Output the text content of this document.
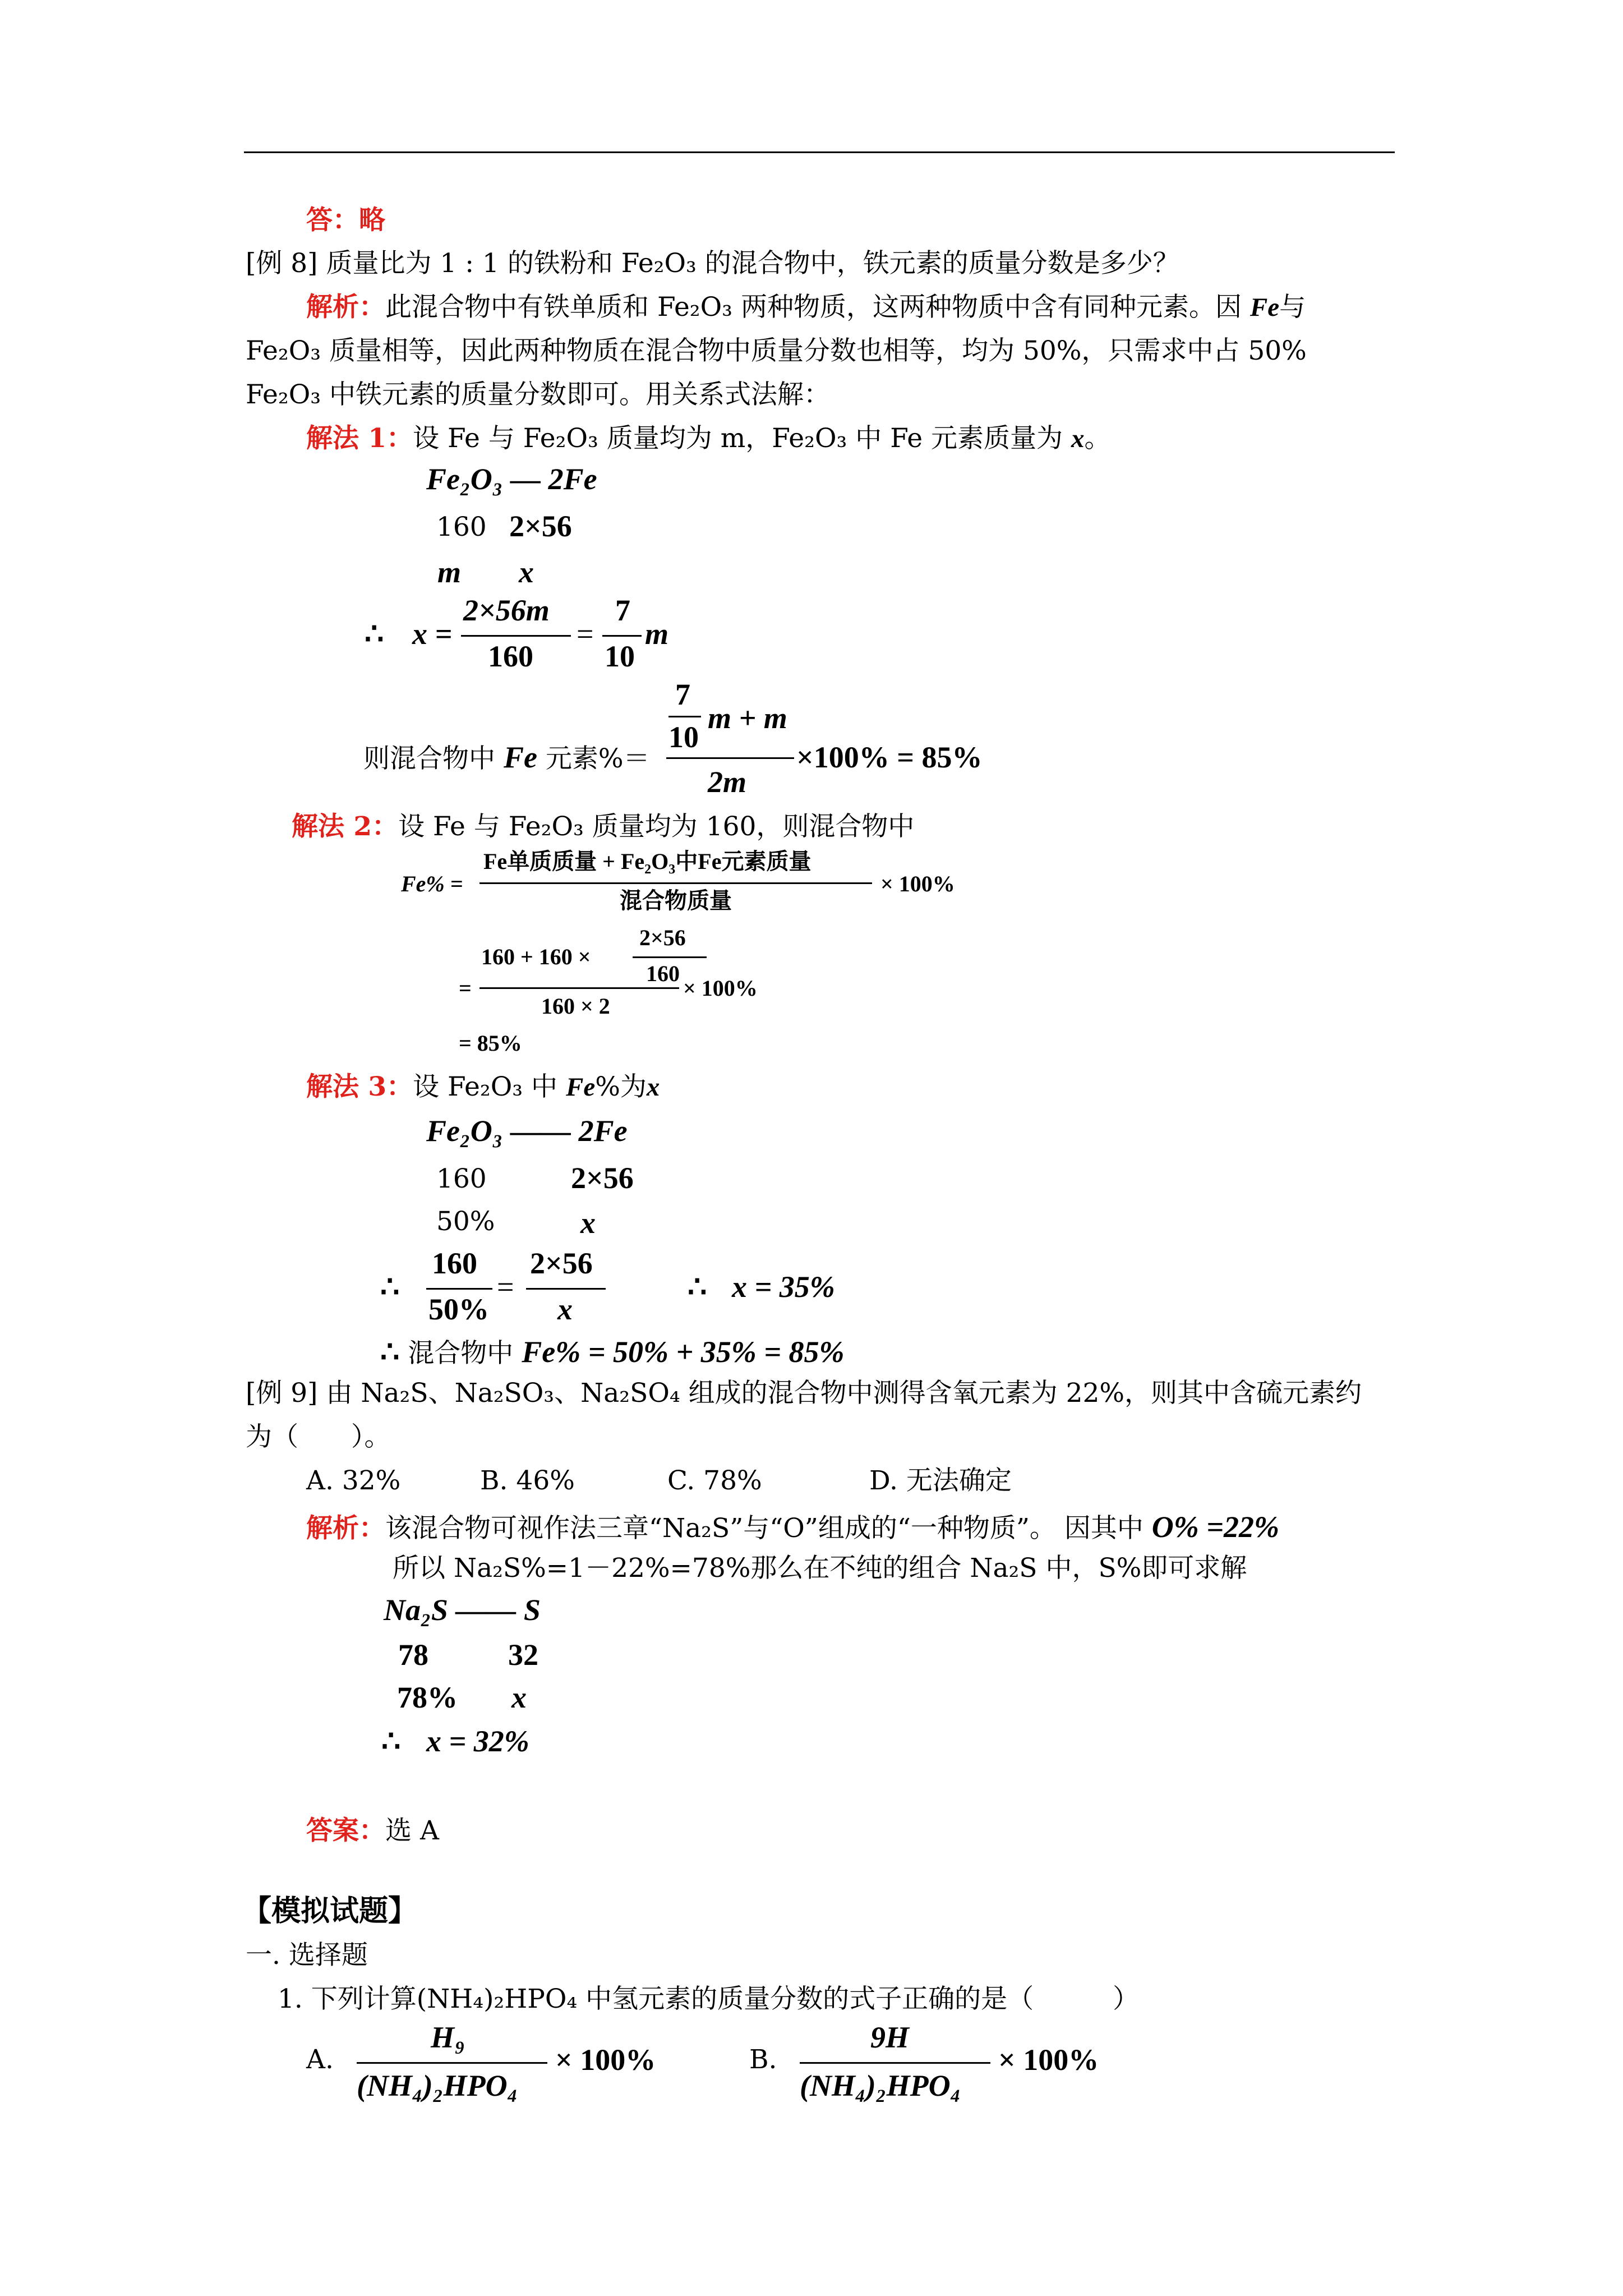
答：略
[例 8] 质量比为 1 : 1 的铁粉和 Fe₂O₃ 的混合物中，铁元素的质量分数是多少？
解析：此混合物中有铁单质和 Fe₂O₃ 两种物质，这两种物质中含有同种元素。因 Fe与
Fe₂O₃ 质量相等，因此两种物质在混合物中质量分数也相等，均为 50%，只需求中占 50%
Fe₂O₃ 中铁元素的质量分数即可。用关系式法解：
解法 1：设 Fe 与 Fe₂O₃ 质量均为 m，Fe₂O₃ 中 Fe 元素质量为 x。
Fe₂O₃ — 2Fe
160 2×56
m x
∴ x =
2×56m
160
=
7
10
m
则混合物中 Fe 元素%＝
7
10
m + m
2m
×100% = 85%
解法 2：设 Fe 与 Fe₂O₃ 质量均为 160，则混合物中
Fe% =
Fe单质质量 + Fe₂O₃中Fe元素质量
混合物质量
× 100%
=
160 + 160 ×
2×56
160
160 × 2
× 100%
= 85%
解法 3：设 Fe₂O₃ 中 Fe%为x
Fe₂O₃ —— 2Fe
160	2×56
50%	x
∴
160
50%
=
2×56
x
∴ x = 35%
∴ 混合物中 Fe% = 50% + 35% = 85%
[例 9] 由 Na₂S、Na₂SO₃、Na₂SO₄ 组成的混合物中测得含氧元素为 22%，则其中含硫元素约
为（　　）。
A. 32%	B. 46%	C. 78%	D. 无法确定
解析：该混合物可视作法三章“Na₂S”与“O”组成的“一种物质”。 因其中 O% =22%
所以 Na₂S%=1－22%=78%那么在不纯的组合 Na₂S 中，S%即可求解
Na₂S —— S
78	32
78% x
∴ x = 32%
答案：选 A
【模拟试题】
一. 选择题
1. 下列计算(NH₄)₂HPO₄ 中氢元素的质量分数的式子正确的是（　　　）
A.
H₉
(NH₄)₂HPO₄
× 100%	B.
9H
(NH₄)₂HPO₄
× 100%
